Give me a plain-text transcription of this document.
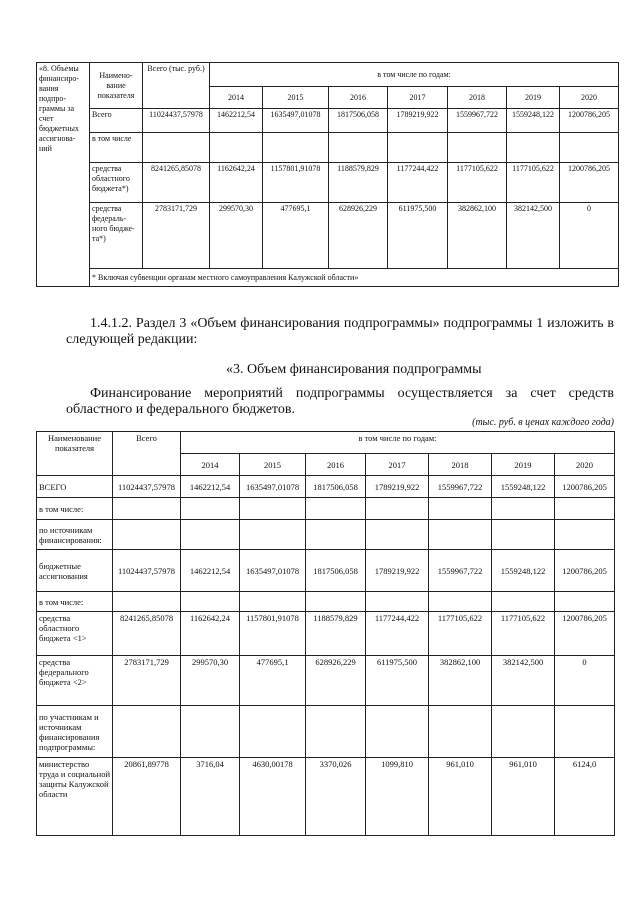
«8. Объемы финансиро-вания подпро-граммы за счет бюджетных ассигнова-ний	Наимено-вание показателя	Всего (тыс. руб.)	в том числе по годам:						
			2014	2015	2016	2017	2018	2019	2020
	Всего	11024437,57978	1462212,54	1635497,01078	1817506,058	1789219,922	1559967,722	1559248,122	1200786,205
	в том числе								
	средства областного бюджета*)	8241265,85078	1162642,24	1157801,91078	1188579,829	1177244,422	1177105,622	1177105,622	1200786,205
	средства федераль-ного бюдже-та*)	2783171,729	299570,30	477695,1	628926,229	611975,500	382862,100	382142,500	0
	* Включая субвенции органам местного самоуправления Калужской области»								
1.4.1.2. Раздел 3 «Объем финансирования подпрограммы» подпрограммы 1 изложить в следующей редакции:
«3. Объем финансирования подпрограммы
Финансирование мероприятий подпрограммы осуществляется за счет средств областного и федерального бюджетов.
(тыс. руб. в ценах каждого года)
Наименование показателя	Всего	в том числе по годам:						
		2014	2015	2016	2017	2018	2019	2020
ВСЕГО	11024437,57978	1462212,54	1635497,01078	1817506,058	1789219,922	1559967,722	1559248,122	1200786,205
в том числе:								
по источникам финансирования:								
бюджетные ассигнования	11024437,57978	1462212,54	1635497,01078	1817506,058	1789219,922	1559967,722	1559248,122	1200786,205
в том числе:								
средства областного бюджета <1>	8241265,85078	1162642,24	1157801,91078	1188579,829	1177244,422	1177105,622	1177105,622	1200786,205
средства федерального бюджета <2>	2783171,729	299570,30	477695,1	628926,229	611975,500	382862,100	382142,500	0
по участникам и источникам финансирования подпрограммы:								
министерство труда и социальной защиты Калужской области	20861,89778	3716,04	4630,00178	3370,026	1099,810	961,010	961,010	6124,0
